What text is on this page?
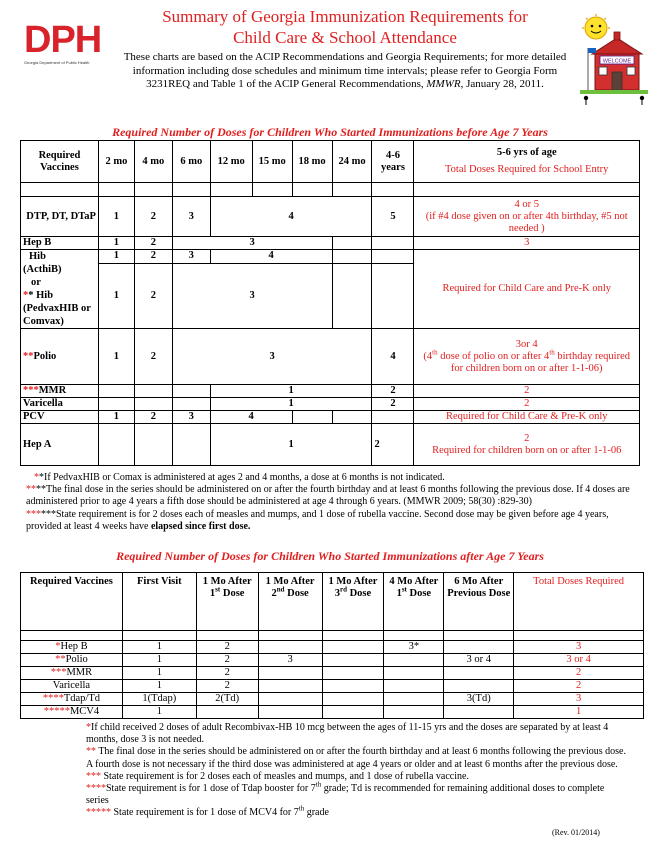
DPH
Georgia Department of Public Health
Summary of Georgia Immunization Requirements for
Child Care & School Attendance
These charts are based on the ACIP Recommendations and Georgia Requirements; for more detailed information including dose schedules and minimum time intervals; please refer to Georgia Form 3231REQ and Table 1 of the ACIP General Recommendations, MMWR, January 28, 2011.
WELCOME
Required Number of Doses for Children Who Started Immunizations before Age 7 Years
Required Vaccines	2 mo	4 mo	6 mo	12 mo	15 mo	18 mo	24 mo	4-6 years	5-6 yrs of age
Total Doses Required for School Entry

DTP, DT, DTaP	1	2	3	4				5	4 or 5
(if #4 dose given on or after 4th birthday, #5 not needed )

Hep B	1	2	3						3

Hib
(ActhiB)
or
** Hib
(PedvaxHIB or Comvax)	1	2	3	4					Required for Child Care and Pre-K only
	1	2	3						
**Polio	1	2	3					4	3or 4
(4th dose of polio on or after 4th birthday required for children born on or after 1-1-06)

***MMR				1				2	2
Varicella				1				2	2
PCV	1	2	3	4					Required for Child Care & Pre-K only
Hep A				1				2	2
Required for children born on or after 1-1-06

**If PedvaxHIB or Comax is administered at ages 2 and 4 months, a dose at 6 months is not indicated.

****The final dose in the series should be administered on or after the fourth birthday and at least 6 months following the previous dose. If 4 doses are administered prior to age 4 years a fifth dose should be administered at age 4 through 6 years. (MMWR 2009; 58(30) :829-30)

******State requirement is for 2 doses each of measles and mumps, and 1 dose of rubella vaccine. Second dose may be given before age 4 years, provided at least 4 weeks have elapsed since first dose.

Required Number of Doses for Children Who Started Immunizations after Age 7 Years
Required Vaccines	First Visit	1 Mo After 1st Dose	1 Mo After 2nd Dose	1 Mo After 3rd Dose	4 Mo After 1st Dose	6 Mo After Previous Dose	Total Doses Required

*Hep B	1	2			3*		3
**Polio	1	2	3			3 or 4	3 or 4
***MMR	1	2					2
Varicella	1	2					2
****Tdap/Td	1(Tdap)	2(Td)				3(Td)	3
*****MCV4	1						1

*If child received 2 doses of adult Recombivax-HB 10 mcg between the ages of 11-15 yrs and the doses are separated by at least 4 months, dose 3 is not needed.

** The final dose in the series should be administered on or after the fourth birthday and at least 6 months following the previous dose. A fourth dose is not necessary if the third dose was administered at age 4 years or older and at least 6 months after the previous dose.

*** State requirement is for 2 doses each of measles and mumps, and 1 dose of rubella vaccine.

****State requirement is for 1 dose of Tdap booster for 7th grade; Td is recommended for remaining additional doses to complete series

***** State requirement is for 1 dose of MCV4 for 7th grade

(Rev. 01/2014)
